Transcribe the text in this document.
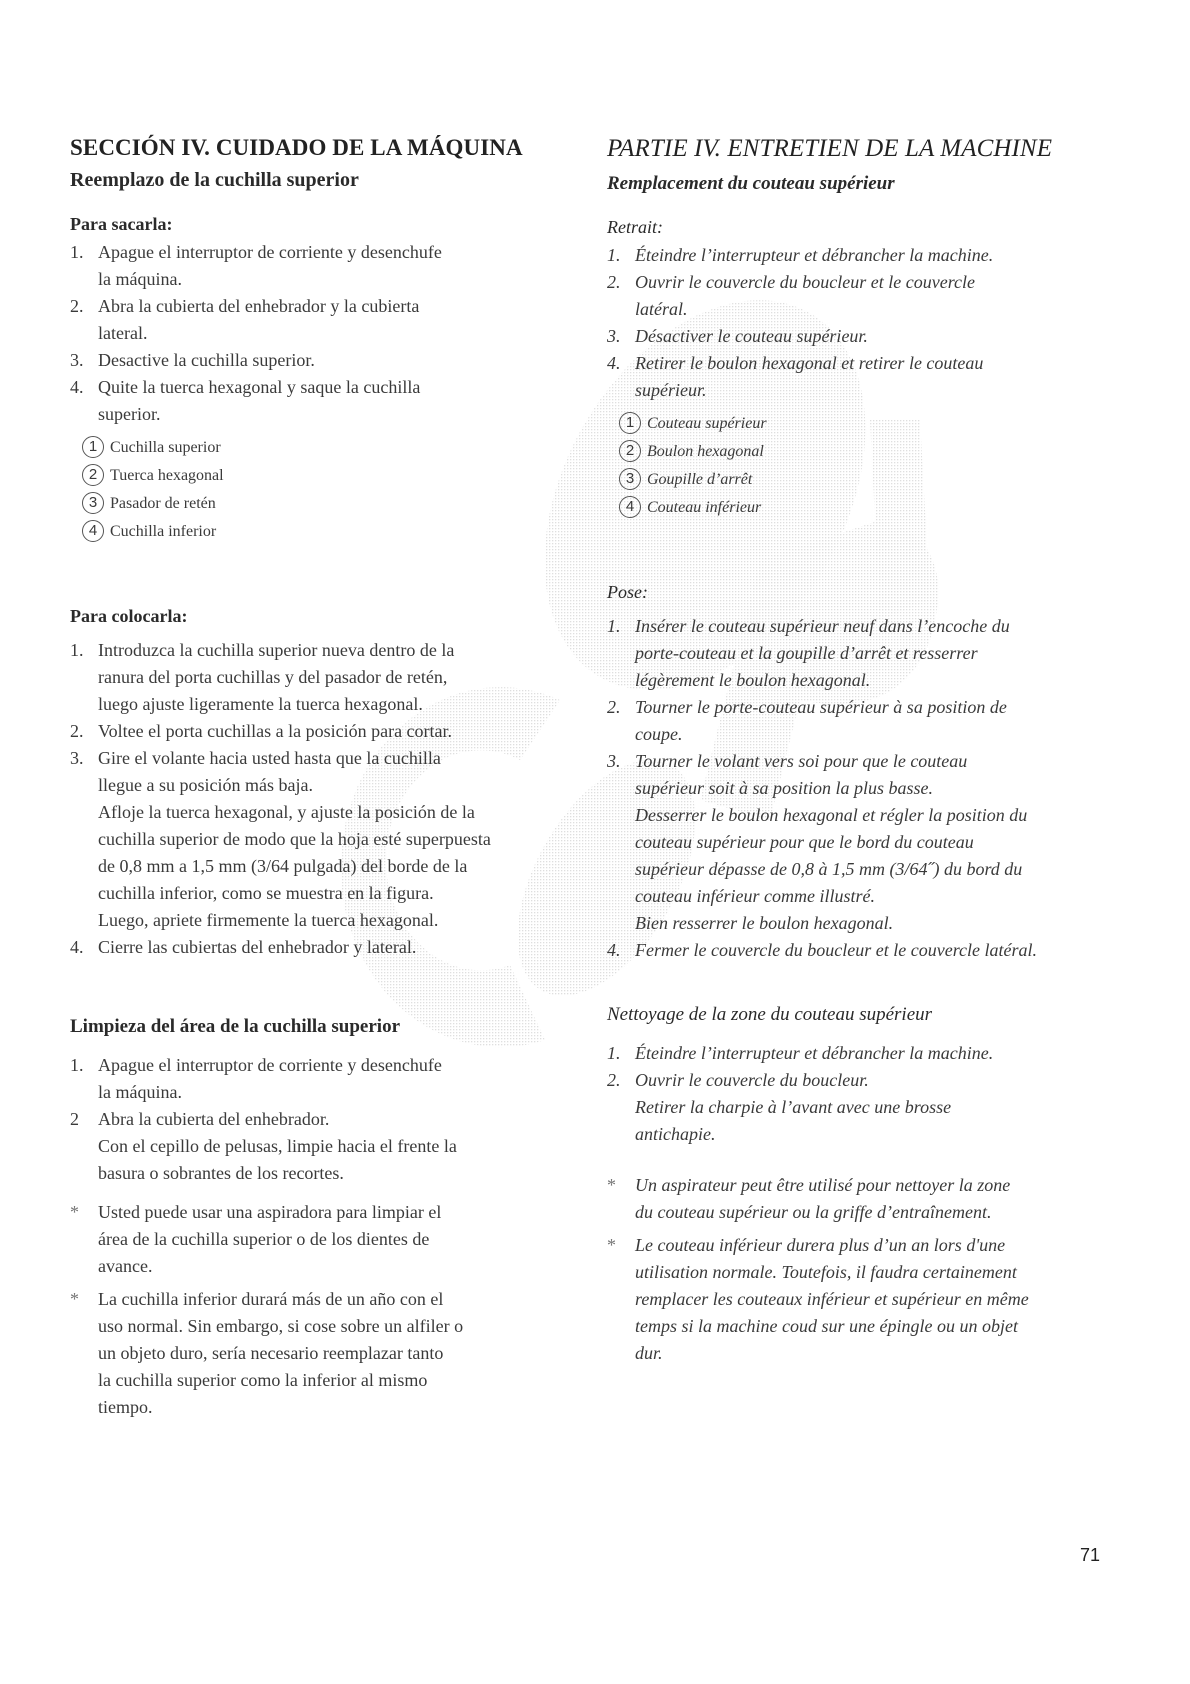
SECCIÓN IV. CUIDADO DE LA MÁQUINA
Reemplazo de la cuchilla superior
Para sacarla:
1. Apague el interruptor de corriente y desenchufe
la máquina.
2. Abra la cubierta del enhebrador y la cubierta
lateral.
3. Desactive la cuchilla superior.
4. Quite la tuerca hexagonal y saque la cuchilla
superior.
1 Cuchilla superior
2 Tuerca hexagonal
3 Pasador de retén
4 Cuchilla inferior
Para colocarla:
1. Introduzca la cuchilla superior nueva dentro de la
ranura del porta cuchillas y del pasador de retén,
luego ajuste ligeramente la tuerca hexagonal.
2. Voltee el porta cuchillas a la posición para cortar.
3. Gire el volante hacia usted hasta que la cuchilla
llegue a su posición más baja.
Afloje la tuerca hexagonal, y ajuste la posición de la
cuchilla superior de modo que la hoja esté superpuesta
de 0,8 mm a 1,5 mm (3/64 pulgada) del borde de la
cuchilla inferior, como se muestra en la figura.
Luego, apriete firmemente la tuerca hexagonal.
4. Cierre las cubiertas del enhebrador y lateral.
Limpieza del área de la cuchilla superior
1. Apague el interruptor de corriente y desenchufe
la máquina.
2 Abra la cubierta del enhebrador.
Con el cepillo de pelusas, limpie hacia el frente la
basura o sobrantes de los recortes.
* Usted puede usar una aspiradora para limpiar el
área de la cuchilla superior o de los dientes de
avance.
* La cuchilla inferior durará más de un año con el
uso normal. Sin embargo, si cose sobre un alfiler o
un objeto duro, sería necesario reemplazar tanto
la cuchilla superior como la inferior al mismo
tiempo.
PARTIE IV. ENTRETIEN DE LA MACHINE
Remplacement du couteau supérieur
Retrait:
1. Éteindre l’interrupteur et débrancher la machine.
2. Ouvrir le couvercle du boucleur et le couvercle
latéral.
3. Désactiver le couteau supérieur.
4. Retirer le boulon hexagonal et retirer le couteau
supérieur.
1 Couteau supérieur
2 Boulon hexagonal
3 Goupille d’arrêt
4 Couteau inférieur
Pose:
1. Insérer le couteau supérieur neuf dans l’encoche du
porte-couteau et la goupille d’arrêt et resserrer
légèrement le boulon hexagonal.
2. Tourner le porte-couteau supérieur à sa position de
coupe.
3. Tourner le volant vers soi pour que le couteau
supérieur soit à sa position la plus basse.
Desserrer le boulon hexagonal et régler la position du
couteau supérieur pour que le bord du couteau
supérieur dépasse de 0,8 à 1,5 mm (3/64˝) du bord du
couteau inférieur comme illustré.
Bien resserrer le boulon hexagonal.
4. Fermer le couvercle du boucleur et le couvercle latéral.
Nettoyage de la zone du couteau supérieur
1. Éteindre l’interrupteur et débrancher la machine.
2. Ouvrir le couvercle du boucleur.
Retirer la charpie à l’avant avec une brosse
antichapie.
* Un aspirateur peut être utilisé pour nettoyer la zone
du couteau supérieur ou la griffe d’entraînement.
* Le couteau inférieur durera plus d’un an lors d'une
utilisation normale. Toutefois, il faudra certainement
remplacer les couteaux inférieur et supérieur en même
temps si la machine coud sur une épingle ou un objet
dur.
71
